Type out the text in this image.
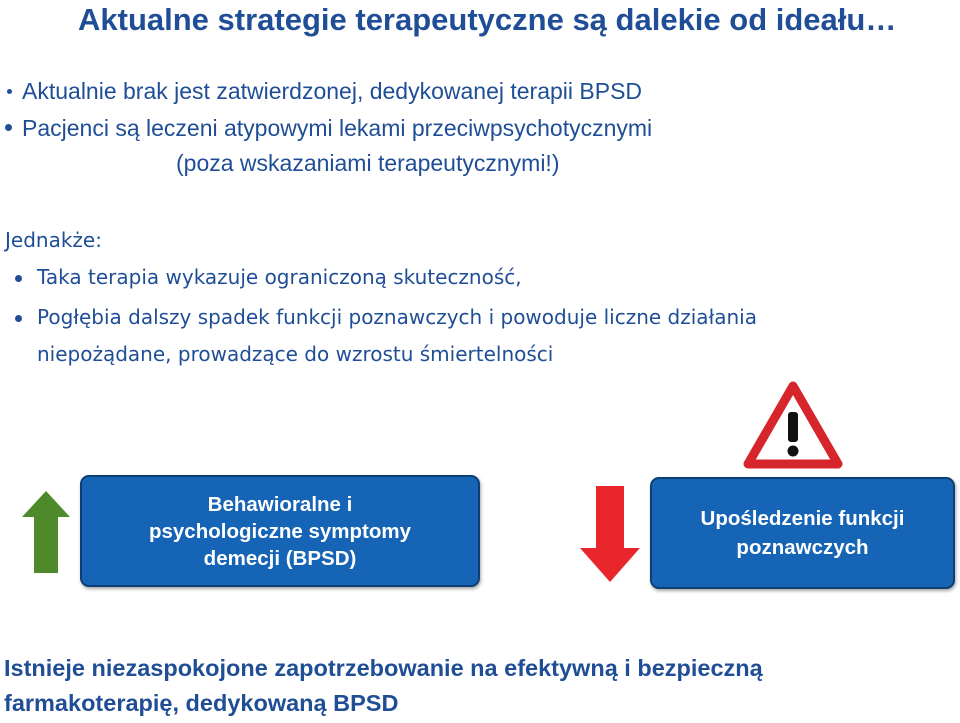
Aktualne strategie terapeutyczne są dalekie od ideału…
Aktualnie brak jest zatwierdzonej, dedykowanej terapii BPSD
Pacjenci są leczeni atypowymi lekami przeciwpsychotycznymi
(poza wskazaniami terapeutycznymi!)
Jednakże:
Taka terapia wykazuje ograniczoną skuteczność,
Pogłębia dalszy spadek funkcji poznawczych i powoduje liczne działania
niepożądane, prowadzące do wzrostu śmiertelności
Behawioralne i
psychologiczne symptomy
demecji (BPSD)
Upośledzenie funkcji
poznawczych
Istnieje niezaspokojone zapotrzebowanie na efektywną i bezpieczną
farmakoterapię, dedykowaną BPSD
